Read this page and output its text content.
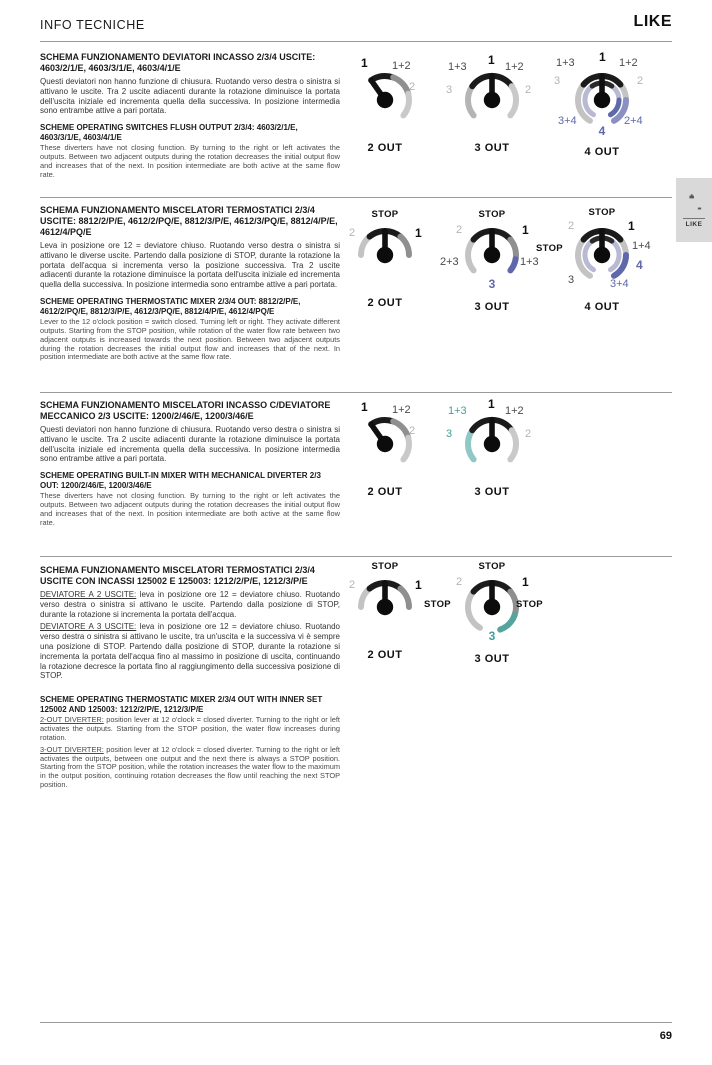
INFO TECNICHE	LIKE
LIKE
SCHEMA FUNZIONAMENTO DEVIATORI INCASSO 2/3/4 USCITE: 4603/2/1/E, 4603/3/1/E, 4603/4/1/E

Questi deviatori non hanno funzione di chiusura. Ruotando verso destra o sinistra si attivano le uscite. Tra 2 uscite adiacenti durante la rotazione diminuisce la portata dell'uscita iniziale ed incrementa quella della successiva. In posizione intermedia sono entrambe attive a pari portata.

SCHEME OPERATING SWITCHES FLUSH OUTPUT 2/3/4: 4603/2/1/E, 4603/3/1/E, 4603/4/1/E

These diverters have not closing function. By turning to the right or left activates the outputs. Between two adjacent outputs during the rotation decreases the initial output flow and increases that of the next. In position intermediate are both active at the same flow rate.

1 1+2
2
2 OUT
1+3 1 1+2
3	2
3 OUT
1+3 1 1+2
2
2+4
4
3+4
3
4 OUT
SCHEMA FUNZIONAMENTO MISCELATORI TERMOSTATICI 2/3/4 USCITE: 8812/2/P/E, 4612/2/PQ/E, 8812/3/P/E, 4612/3/PQ/E, 8812/4/P/E, 4612/4/PQ/E

Leva in posizione ore 12 = deviatore chiuso. Ruotando verso destra o sinistra si attivano le diverse uscite. Partendo dalla posizione di STOP, durante la rotazione la portata dell'acqua si incrementa verso la posizione successiva. Tra 2 uscite adiacenti durante la rotazione diminuisce la portata dell'uscita iniziale ed incrementa quella della successiva. In posizione intermedia sono entrambe attive a pari portata.

SCHEME OPERATING THERMOSTATIC MIXER 2/3/4 OUT: 8812/2/P/E, 4612/2/PQ/E, 8812/3/P/E, 4612/3/PQ/E, 8812/4/P/E, 4612/4/PQ/E

Lever to the 12 o'clock position = switch closed. Turning left or right. They activate different outputs. Starting from the STOP position, while rotation of the water flow rate between two adjacent outputs is increased towards the next position. Between two adjacent outputs during the rotation decreases the initial output flow and increases that of the next. In position intermediate are both active at the same flow rate.

STOP
2	1
2 OUT
STOP
2	1
2+3	1+3
3
3 OUT
STOP
2	1
STOP	1+4
4
3+4
3
4 OUT
SCHEMA FUNZIONAMENTO MISCELATORI INCASSO C/DEVIATORE MECCANICO 2/3 USCITE: 1200/2/46/E, 1200/3/46/E

Questi deviatori non hanno funzione di chiusura. Ruotando verso destra o sinistra si attivano le uscite. Tra 2 uscite adiacenti durante la rotazione diminuisce la portata dell'uscita iniziale ed incrementa quella della successiva. In posizione intermedia sono entrambe attive a pari portata.

SCHEME OPERATING BUILT-IN MIXER WITH MECHANICAL DIVERTER 2/3 OUT: 1200/2/46/E, 1200/3/46/E

These diverters have not closing function. By turning to the right or left activates the outputs. Between two adjacent outputs during the rotation decreases the initial output flow and increases that of the next. In position intermediate are both active at the same flow rate.

1 1+2
2
2 OUT
1+3 1 1+2
3	2
3 OUT
SCHEMA FUNZIONAMENTO MISCELATORI TERMOSTATICI 2/3/4 USCITE CON INCASSI 125002 E 125003: 1212/2/P/E, 1212/3/P/E

DEVIATORE A 2 USCITE: leva in posizione ore 12 = deviatore chiuso. Ruotando verso destra o sinistra si attivano le uscite. Partendo dalla posizione di STOP, durante la rotazione si incrementa la portata dell'acqua.

DEVIATORE A 3 USCITE: leva in posizione ore 12 = deviatore chiuso. Ruotando verso destra o sinistra si attivano le uscite, tra un'uscita e la successiva vi è sempre una posizione di STOP. Partendo dalla posizione di STOP, durante la rotazione si incrementa la portata dell'acqua fino al massimo in posizione di uscita, continuando la rotazione decresce la portata fino al raggiungimento della successiva posizione di STOP.

SCHEME OPERATING THERMOSTATIC MIXER 2/3/4 OUT WITH INNER SET 125002 AND 125003: 1212/2/P/E, 1212/3/P/E

2-OUT DIVERTER: position lever at 12 o'clock = closed diverter. Turning to the right or left activates the outputs. Starting from the STOP position, the water flow increases during rotation.

3-OUT DIVERTER: position lever at 12 o'clock = closed diverter. Turning to the right or left activates the outputs, between one output and the next there is always a STOP position. Starting from the STOP position, while the rotation increases the water flow to the maximum in the output position, continuing rotation decreases the flow until reaching the next STOP position.

STOP
2	1
2 OUT
STOP
2	1
STOP	STOP
3
3 OUT
69
